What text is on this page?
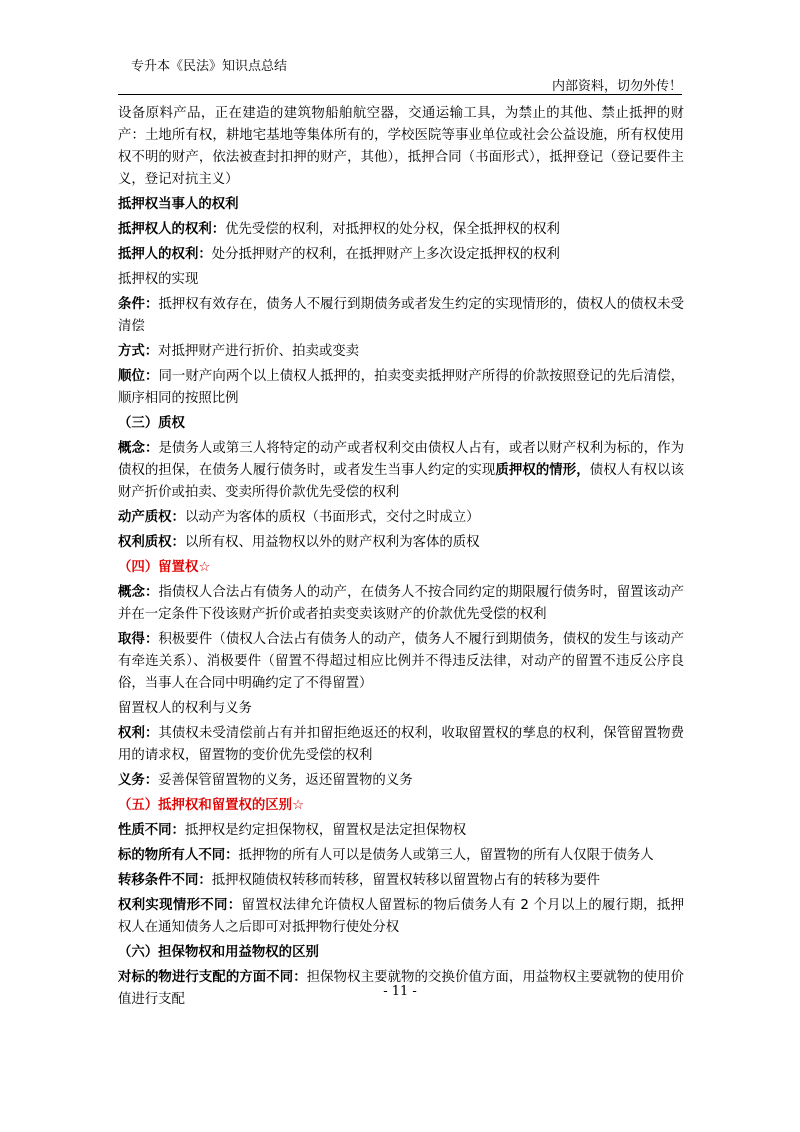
专升本《民法》知识点总结
内部资料，切勿外传！

设备原料产品，正在建造的建筑物船舶航空器，交通运输工具，为禁止的其他、禁止抵押的财产：土地所有权，耕地宅基地等集体所有的，学校医院等事业单位或社会公益设施，所有权使用权不明的财产，依法被查封扣押的财产，其他），抵押合同（书面形式），抵押登记（登记要件主义，登记对抗主义）

抵押权当事人的权利

抵押权人的权利：优先受偿的权利，对抵押权的处分权，保全抵押权的权利

抵押人的权利：处分抵押财产的权利，在抵押财产上多次设定抵押权的权利

抵押权的实现

条件：抵押权有效存在，债务人不履行到期债务或者发生约定的实现情形的，债权人的债权未受清偿

方式：对抵押财产进行折价、拍卖或变卖

顺位：同一财产向两个以上债权人抵押的，拍卖变卖抵押财产所得的价款按照登记的先后清偿，顺序相同的按照比例

（三）质权

概念：是债务人或第三人将特定的动产或者权利交由债权人占有，或者以财产权利为标的，作为债权的担保，在债务人履行债务时，或者发生当事人约定的实现质押权的情形，债权人有权以该财产折价或拍卖、变卖所得价款优先受偿的权利

动产质权：以动产为客体的质权（书面形式，交付之时成立）

权利质权：以所有权、用益物权以外的财产权利为客体的质权

（四）留置权☆

概念：指债权人合法占有债务人的动产，在债务人不按合同约定的期限履行债务时，留置该动产并在一定条件下役该财产折价或者拍卖变卖该财产的价款优先受偿的权利

取得：积极要件（债权人合法占有债务人的动产，债务人不履行到期债务，债权的发生与该动产有牵连关系）、消极要件（留置不得超过相应比例并不得违反法律，对动产的留置不违反公序良俗，当事人在合同中明确约定了不得留置）

留置权人的权利与义务

权利：其债权未受清偿前占有并扣留拒绝返还的权利，收取留置权的孳息的权利，保管留置物费用的请求权，留置物的变价优先受偿的权利

义务：妥善保管留置物的义务，返还留置物的义务

（五）抵押权和留置权的区别☆

性质不同：抵押权是约定担保物权，留置权是法定担保物权

标的物所有人不同：抵押物的所有人可以是债务人或第三人，留置物的所有人仅限于债务人

转移条件不同：抵押权随债权转移而转移，留置权转移以留置物占有的转移为要件

权利实现情形不同：留置权法律允许债权人留置标的物后债务人有 2 个月以上的履行期，抵押权人在通知债务人之后即可对抵押物行使处分权

（六）担保物权和用益物权的区别

对标的物进行支配的方面不同：担保物权主要就物的交换价值方面，用益物权主要就物的使用价值进行支配

- 11 -
